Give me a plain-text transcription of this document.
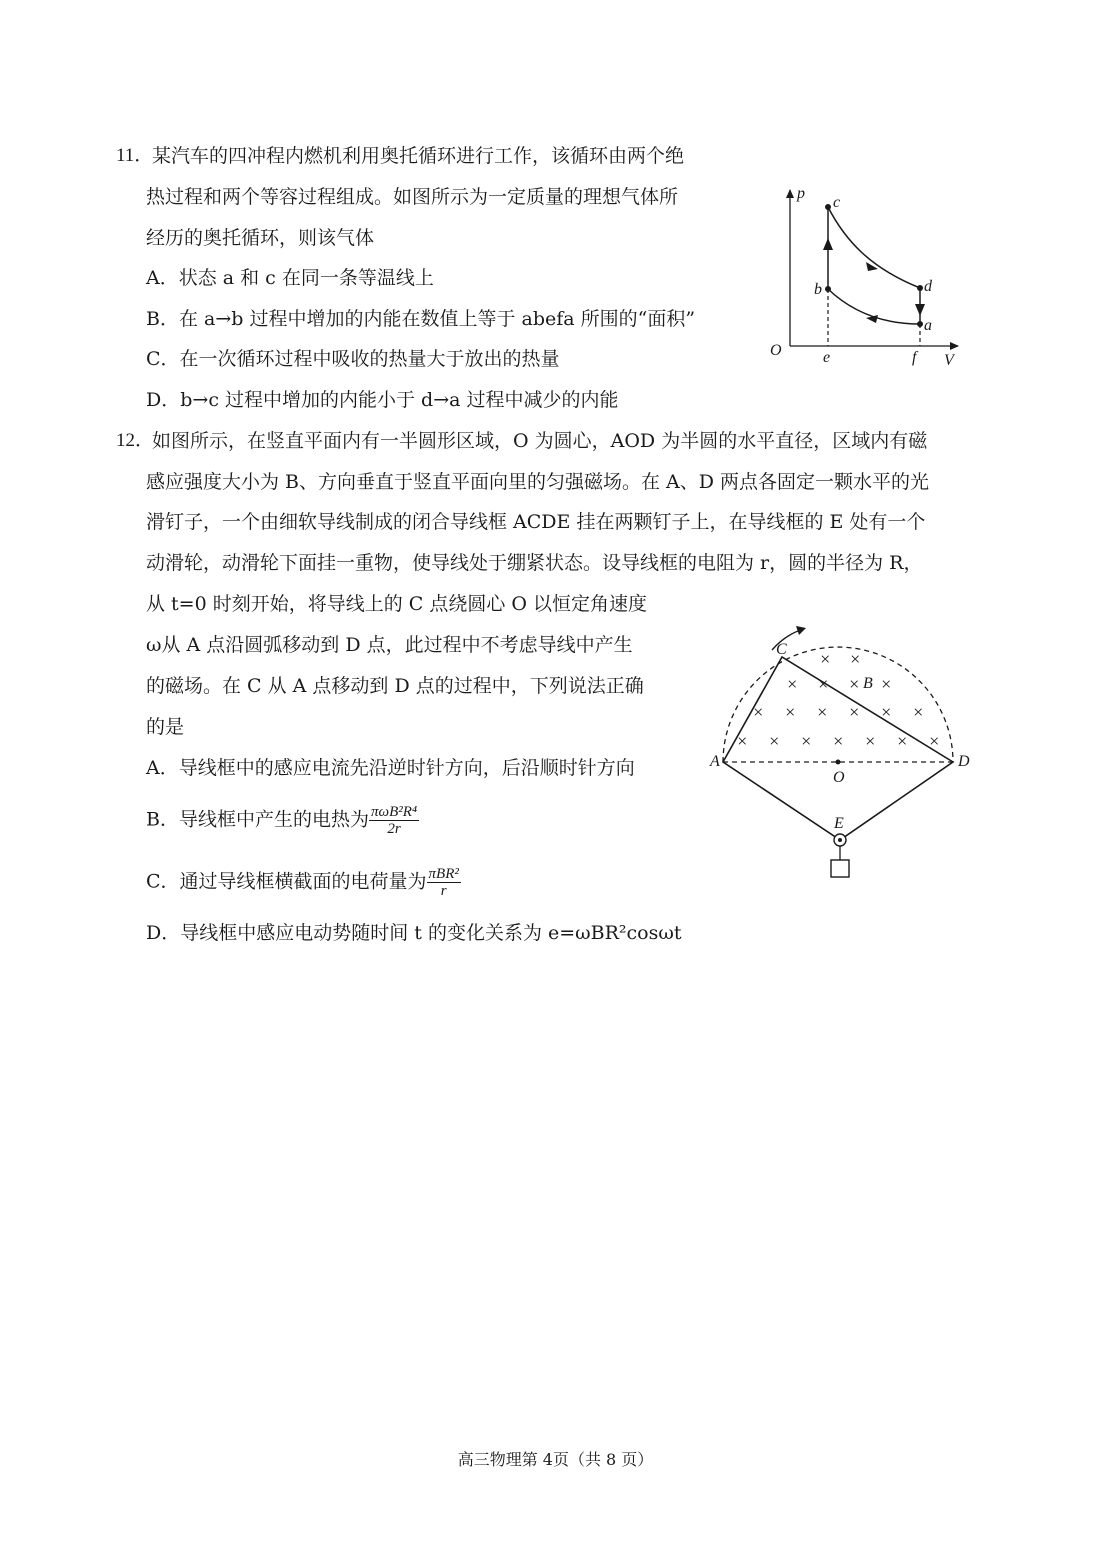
11．
某汽车的四冲程内燃机利用奥托循环进行工作，该循环由两个绝
热过程和两个等容过程组成。如图所示为一定质量的理想气体所
经历的奥托循环，则该气体
A．状态 a 和 c 在同一条等温线上
B．在 a→b 过程中增加的内能在数值上等于 abefa 所围的“面积”
C．在一次循环过程中吸收的热量大于放出的热量
D．b→c 过程中增加的内能小于 d→a 过程中减少的内能
p
V
O
a
b
c
d
e	f
12．
如图所示，在竖直平面内有一半圆形区域，O 为圆心，AOD 为半圆的水平直径，区域内有磁
感应强度大小为 B、方向垂直于竖直平面向里的匀强磁场。在 A、D 两点各固定一颗水平的光
滑钉子，一个由细软导线制成的闭合导线框 ACDE 挂在两颗钉子上，在导线框的 E 处有一个
动滑轮，动滑轮下面挂一重物，使导线处于绷紧状态。设导线框的电阻为 r，圆的半径为 R，
从 t=0 时刻开始，将导线上的 C 点绕圆心 O 以恒定角速度
ω从 A 点沿圆弧移动到 D 点，此过程中不考虑导线中产生
的磁场。在 C 从 A 点移动到 D 点的过程中，下列说法正确
的是
A．导线框中的感应电流先沿逆时针方向，后沿顺时针方向
B．导线框中产生的电热为 $\frac{\text{πωB²R⁴}}{2r}$
C．通过导线框横截面的电荷量为 $\frac{\text{πBR²}}{r}$
D．导线框中感应电动势随时间 t 的变化关系为 e=ωBR²cosωt
× ×
× × × ×
× × × × × ×
× × × × × × ×
O
A	D
C
B
E
高三物理第 4页（共 8 页）
